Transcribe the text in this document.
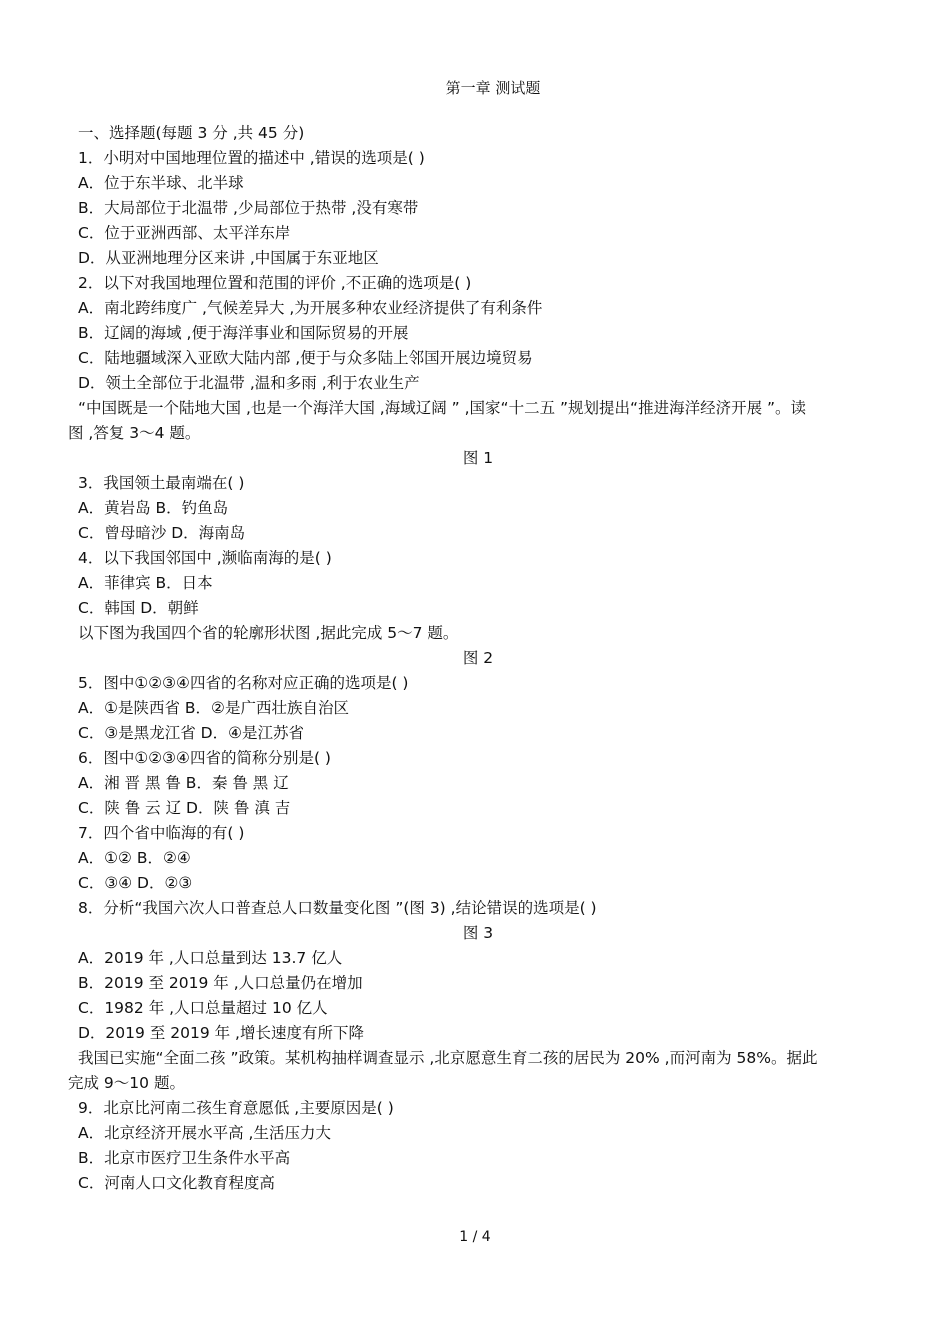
第一章 测试题
一、选择题(每题 3 分 ,共 45 分)
1．小明对中国地理位置的描述中 ,错误的选项是( )
A．位于东半球、北半球
B．大局部位于北温带 ,少局部位于热带 ,没有寒带
C．位于亚洲西部、太平洋东岸
D．从亚洲地理分区来讲 ,中国属于东亚地区
2．以下对我国地理位置和范围的评价 ,不正确的选项是( )
A．南北跨纬度广 ,气候差异大 ,为开展多种农业经济提供了有利条件
B．辽阔的海域 ,便于海洋事业和国际贸易的开展
C．陆地疆域深入亚欧大陆内部 ,便于与众多陆上邻国开展边境贸易
D．领土全部位于北温带 ,温和多雨 ,利于农业生产
“中国既是一个陆地大国 ,也是一个海洋大国 ,海域辽阔 ” ,国家“十二五 ”规划提出“推进海洋经济开展 ”。读
图 ,答复 3～4 题。
图 1
3．我国领土最南端在( )
A．黄岩岛 B．钓鱼岛
C．曾母暗沙 D．海南岛
4．以下我国邻国中 ,濒临南海的是( )
A．菲律宾 B．日本
C．韩国 D．朝鲜
以下图为我国四个省的轮廓形状图 ,据此完成 5～7 题。
图 2
5．图中①②③④四省的名称对应正确的选项是( )
A．①是陕西省 B．②是广西壮族自治区
C．③是黑龙江省 D．④是江苏省
6．图中①②③④四省的简称分别是( )
A．湘 晋 黑 鲁 B．秦 鲁 黑 辽
C．陕 鲁 云 辽 D．陕 鲁 滇 吉
7．四个省中临海的有( )
A．①② B．②④
C．③④ D．②③
8．分析“我国六次人口普查总人口数量变化图 ”(图 3) ,结论错误的选项是( )
图 3
A．2019 年 ,人口总量到达 13.7 亿人
B．2019 至 2019 年 ,人口总量仍在增加
C．1982 年 ,人口总量超过 10 亿人
D．2019 至 2019 年 ,增长速度有所下降
我国已实施“全面二孩 ”政策。某机构抽样调查显示 ,北京愿意生育二孩的居民为 20% ,而河南为 58%。据此
完成 9～10 题。
9．北京比河南二孩生育意愿低 ,主要原因是( )
A．北京经济开展水平高 ,生活压力大
B．北京市医疗卫生条件水平高
C．河南人口文化教育程度高
1 / 4
